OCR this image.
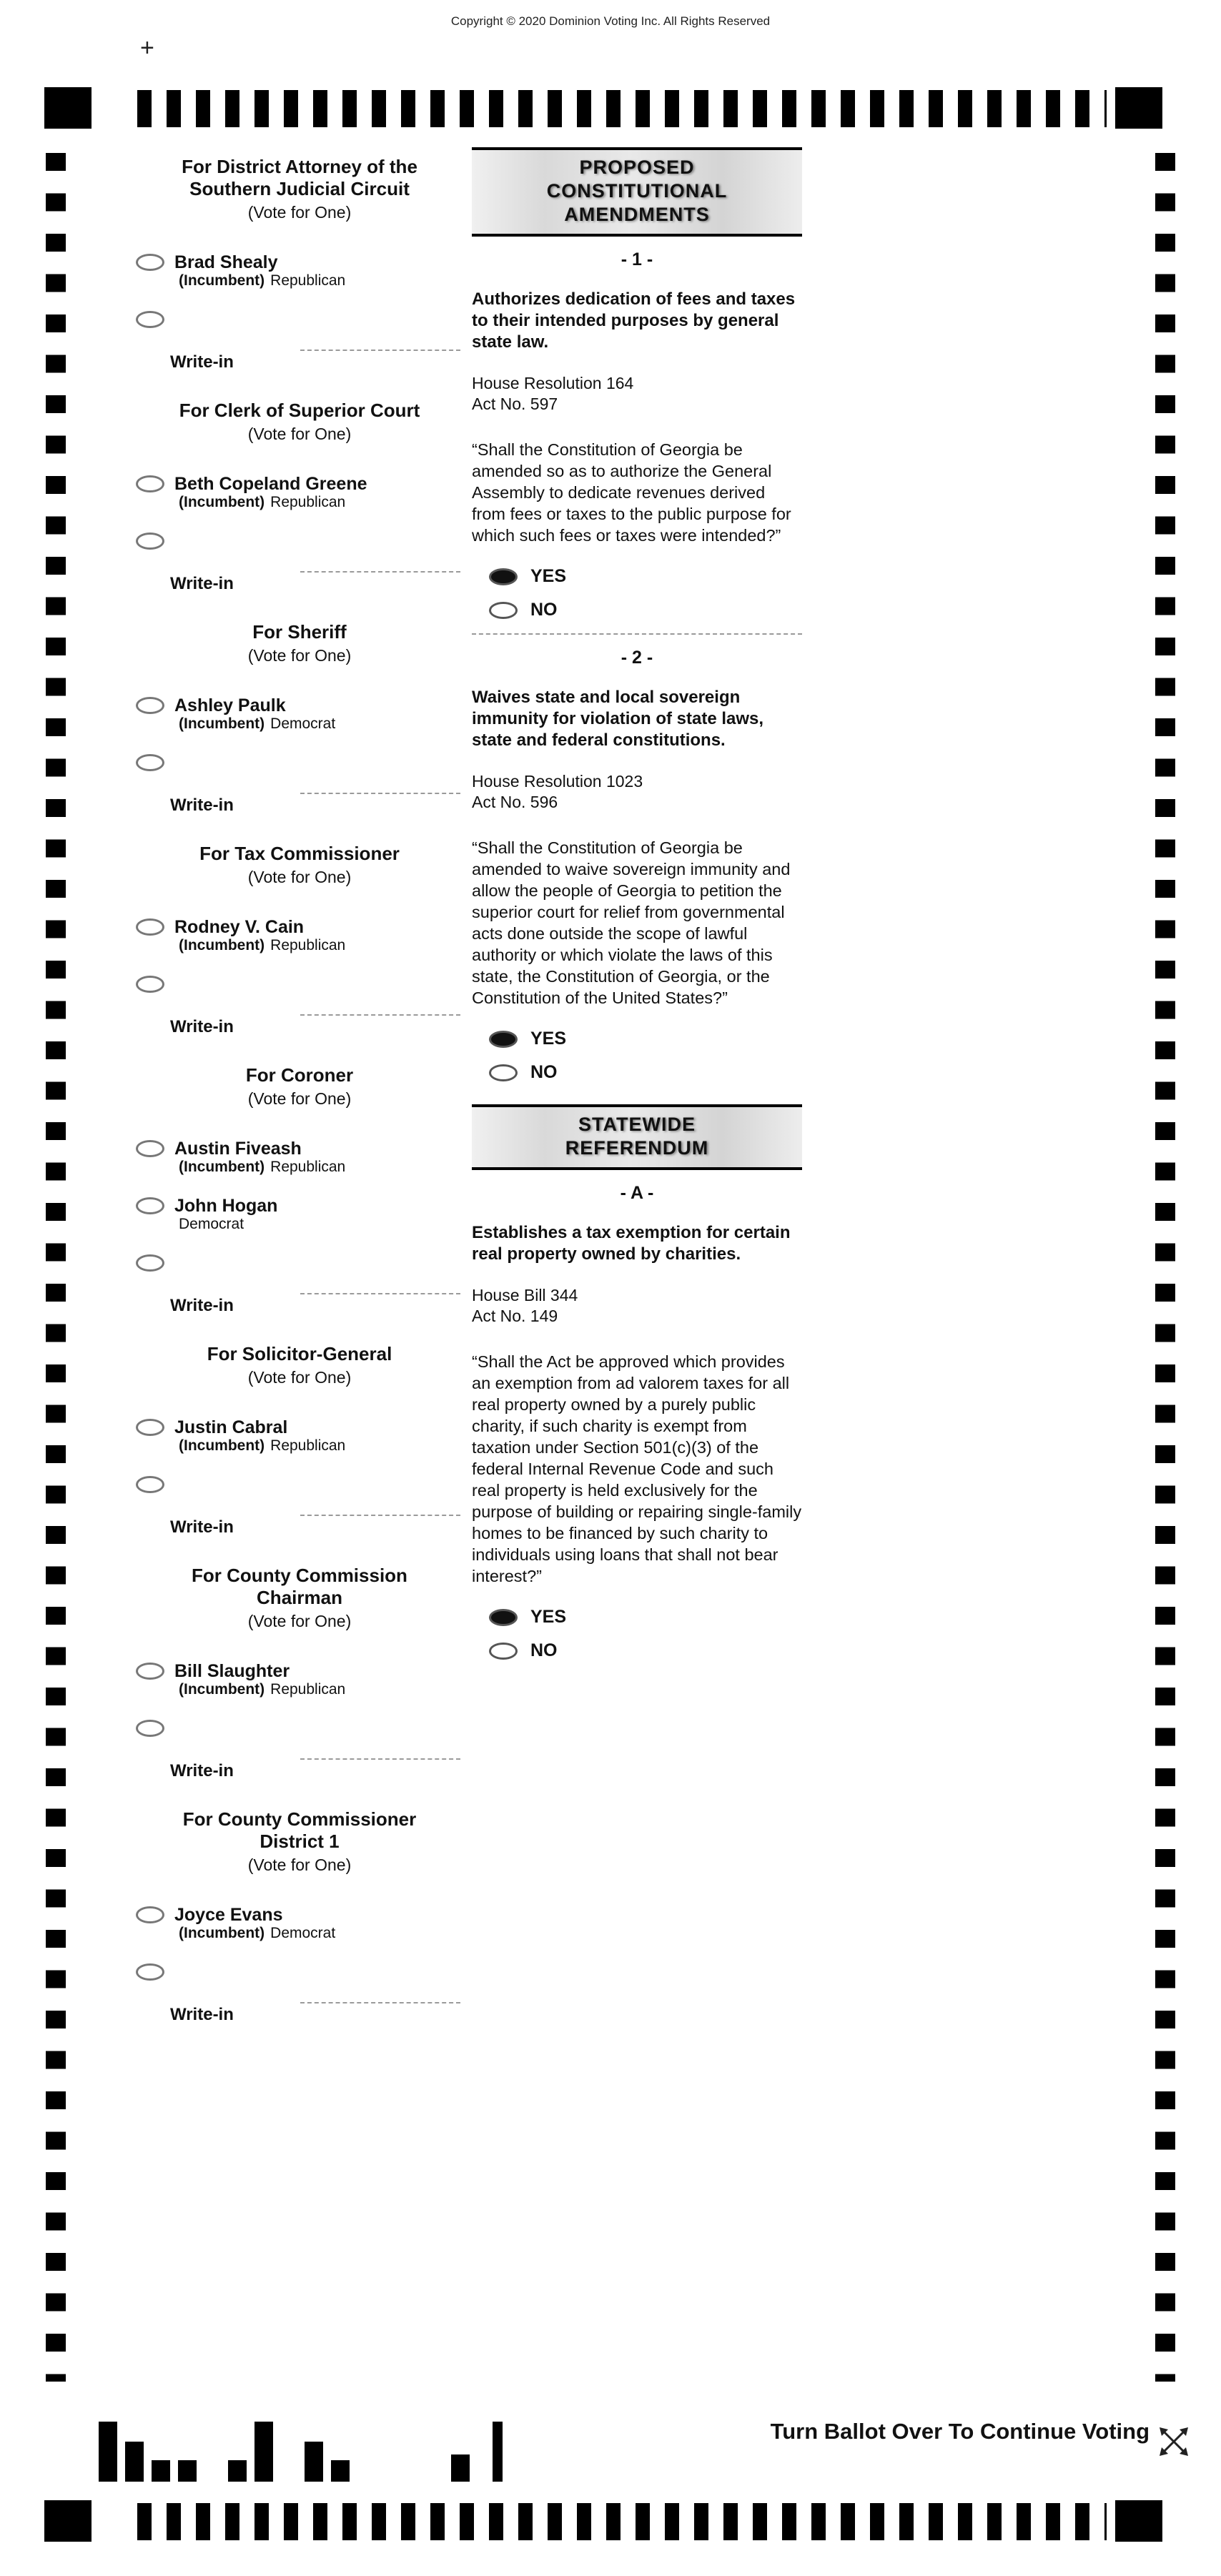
Copyright © 2020 Dominion Voting Inc. All Rights Reserved
+
For District Attorney of the
Southern Judicial Circuit
(Vote for One)
Brad Shealy
(Incumbent) Republican
Write-in
For Clerk of Superior Court
(Vote for One)
Beth Copeland Greene
(Incumbent) Republican
Write-in
For Sheriff
(Vote for One)
Ashley Paulk
(Incumbent) Democrat
Write-in
For Tax Commissioner
(Vote for One)
Rodney V. Cain
(Incumbent) Republican
Write-in
For Coroner
(Vote for One)
Austin Fiveash
(Incumbent) Republican
John Hogan
Democrat
Write-in
For Solicitor-General
(Vote for One)
Justin Cabral
(Incumbent) Republican
Write-in
For County Commission
Chairman
(Vote for One)
Bill Slaughter
(Incumbent) Republican
Write-in
For County Commissioner
District 1
(Vote for One)
Joyce Evans
(Incumbent) Democrat
Write-in
PROPOSED
CONSTITUTIONAL
AMENDMENTS
- 1 -

Authorizes dedication of fees and taxes to their intended purposes by general state law.

House Resolution 164
Act No. 597

“Shall the Constitution of Georgia be amended so as to authorize the General Assembly to dedicate revenues derived from fees or taxes to the public purpose for which such fees or taxes were intended?”

YES
NO
- 2 -

Waives state and local sovereign immunity for violation of state laws, state and federal constitutions.

House Resolution 1023
Act No. 596

“Shall the Constitution of Georgia be amended to waive sovereign immunity and allow the people of Georgia to petition the superior court for relief from governmental acts done outside the scope of lawful authority or which violate the laws of this state, the Constitution of Georgia, or the Constitution of the United States?”

YES
NO
STATEWIDE
REFERENDUM
- A -

Establishes a tax exemption for certain real property owned by charities.

House Bill 344
Act No. 149

“Shall the Act be approved which provides an exemption from ad valorem taxes for all real property owned by a purely public charity, if such charity is exempt from taxation under Section 501(c)(3) of the federal Internal Revenue Code and such real property is held exclusively for the purpose of building or repairing single-family homes to be financed by such charity to individuals using loans that shall not bear interest?”

YES
NO
Turn Ballot Over To Continue Voting
